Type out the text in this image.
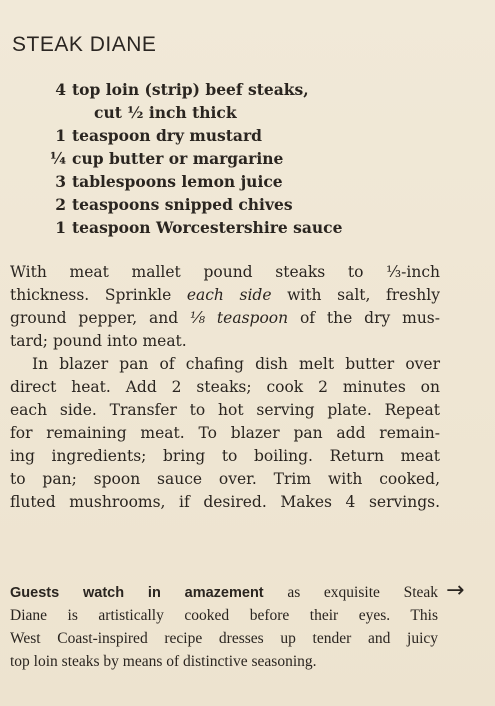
STEAK DIANE
4 top loin (strip) beef steaks,
cut ½ inch thick
1 teaspoon dry mustard
¼ cup butter or margarine
3 tablespoons lemon juice
2 teaspoons snipped chives
1 teaspoon Worcestershire sauce
With meat mallet pound steaks to ⅓-inch
thickness. Sprinkle each side with salt, freshly
ground pepper, and ⅛ teaspoon of the dry mus-
tard; pound into meat.
In blazer pan of chafing dish melt butter over
direct heat. Add 2 steaks; cook 2 minutes on
each side. Transfer to hot serving plate. Repeat
for remaining meat. To blazer pan add remain-
ing ingredients; bring to boiling. Return meat
to pan; spoon sauce over. Trim with cooked,
fluted mushrooms, if desired. Makes 4 servings.
Guests watch in amazement as exquisite Steak
Diane is artistically cooked before their eyes. This
West Coast-inspired recipe dresses up tender and juicy
top loin steaks by means of distinctive seasoning.
→
